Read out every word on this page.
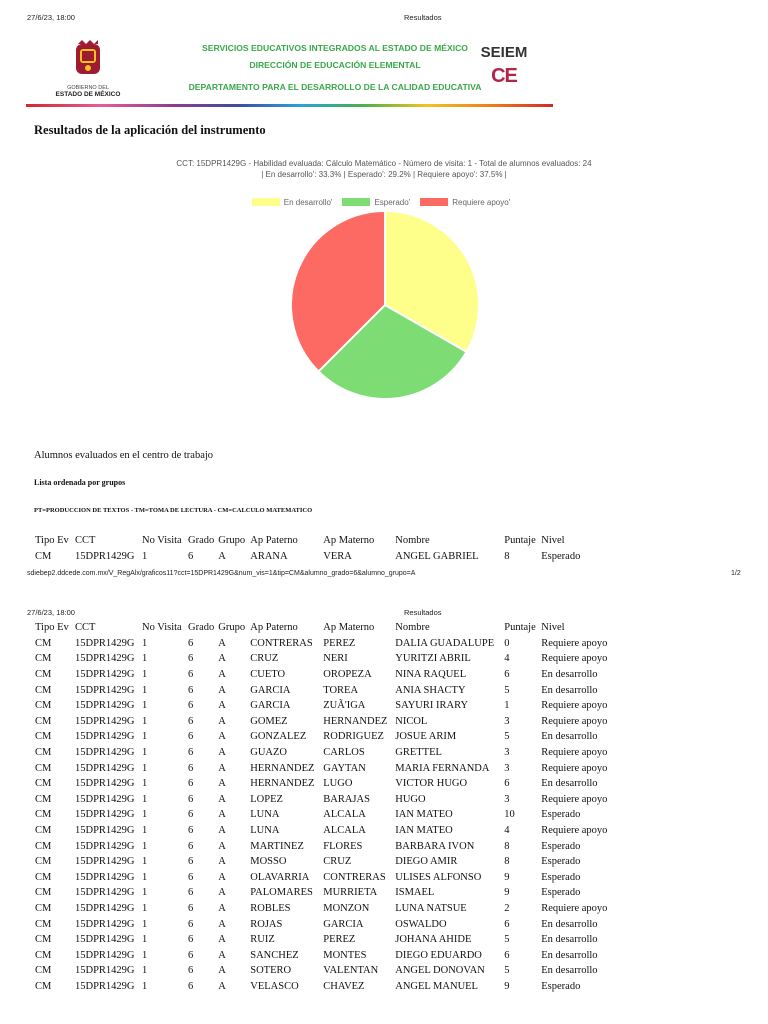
27/6/23, 18:00	Resultados
GOBIERNO DEL
ESTADO DE MÉXICO
SERVICIOS EDUCATIVOS INTEGRADOS AL ESTADO DE MÉXICO
DIRECCIÓN DE EDUCACIÓN ELEMENTAL
DEPARTAMENTO PARA EL DESARROLLO DE LA CALIDAD EDUCATIVA
SEIEM
CE
Resultados de la aplicación del instrumento
CCT: 15DPR1429G - Habilidad evaluada: Cálculo Matemático - Número de visita: 1 - Total de alumnos evaluados: 24
| En desarrollo': 33.3% | Esperado': 29.2% | Requiere apoyo': 37.5% |
En desarrollo'
	Esperado'
	Requiere apoyo'
Alumnos evaluados en el centro de trabajo
Lista ordenada por grupos
PT=PRODUCCION DE TEXTOS - TM=TOMA DE LECTURA - CM=CALCULO MATEMATICO
Tipo Ev	CCT	No Visita	Grado	Grupo	Ap Paterno	Ap Materno	Nombre	Puntaje	Nivel
CM	15DPR1429G	1	6	A	ARANA	VERA	ANGEL GABRIEL	8	Esperado
sdiebep2.ddcede.com.mx/V_RegAlx/graficos11?cct=15DPR1429G&num_vis=1&tip=CM&alumno_grado=6&alumno_grupo=A	1/2
27/6/23, 18:00	Resultados
Tipo Ev	CCT	No Visita	Grado	Grupo	Ap Paterno	Ap Materno	Nombre	Puntaje	Nivel
CM	15DPR1429G	1	6	A	CONTRERAS	PEREZ	DALIA GUADALUPE	0	Requiere apoyo
CM	15DPR1429G	1	6	A	CRUZ	NERI	YURITZI ABRIL	4	Requiere apoyo
CM	15DPR1429G	1	6	A	CUETO	OROPEZA	NINA RAQUEL	6	En desarrollo
CM	15DPR1429G	1	6	A	GARCIA	TOREA	ANIA SHACTY	5	En desarrollo
CM	15DPR1429G	1	6	A	GARCIA	ZUÃ'IGA	SAYURI IRARY	1	Requiere apoyo
CM	15DPR1429G	1	6	A	GOMEZ	HERNANDEZ	NICOL	3	Requiere apoyo
CM	15DPR1429G	1	6	A	GONZALEZ	RODRIGUEZ	JOSUE ARIM	5	En desarrollo
CM	15DPR1429G	1	6	A	GUAZO	CARLOS	GRETTEL	3	Requiere apoyo
CM	15DPR1429G	1	6	A	HERNANDEZ	GAYTAN	MARIA FERNANDA	3	Requiere apoyo
CM	15DPR1429G	1	6	A	HERNANDEZ	LUGO	VICTOR HUGO	6	En desarrollo
CM	15DPR1429G	1	6	A	LOPEZ	BARAJAS	HUGO	3	Requiere apoyo
CM	15DPR1429G	1	6	A	LUNA	ALCALA	IAN MATEO	10	Esperado
CM	15DPR1429G	1	6	A	LUNA	ALCALA	IAN MATEO	4	Requiere apoyo
CM	15DPR1429G	1	6	A	MARTINEZ	FLORES	BARBARA IVON	8	Esperado
CM	15DPR1429G	1	6	A	MOSSO	CRUZ	DIEGO AMIR	8	Esperado
CM	15DPR1429G	1	6	A	OLAVARRIA	CONTRERAS	ULISES ALFONSO	9	Esperado
CM	15DPR1429G	1	6	A	PALOMARES	MURRIETA	ISMAEL	9	Esperado
CM	15DPR1429G	1	6	A	ROBLES	MONZON	LUNA NATSUE	2	Requiere apoyo
CM	15DPR1429G	1	6	A	ROJAS	GARCIA	OSWALDO	6	En desarrollo
CM	15DPR1429G	1	6	A	RUIZ	PEREZ	JOHANA AHIDE	5	En desarrollo
CM	15DPR1429G	1	6	A	SANCHEZ	MONTES	DIEGO EDUARDO	6	En desarrollo
CM	15DPR1429G	1	6	A	SOTERO	VALENTAN	ANGEL DONOVAN	5	En desarrollo
CM	15DPR1429G	1	6	A	VELASCO	CHAVEZ	ANGEL MANUEL	9	Esperado
